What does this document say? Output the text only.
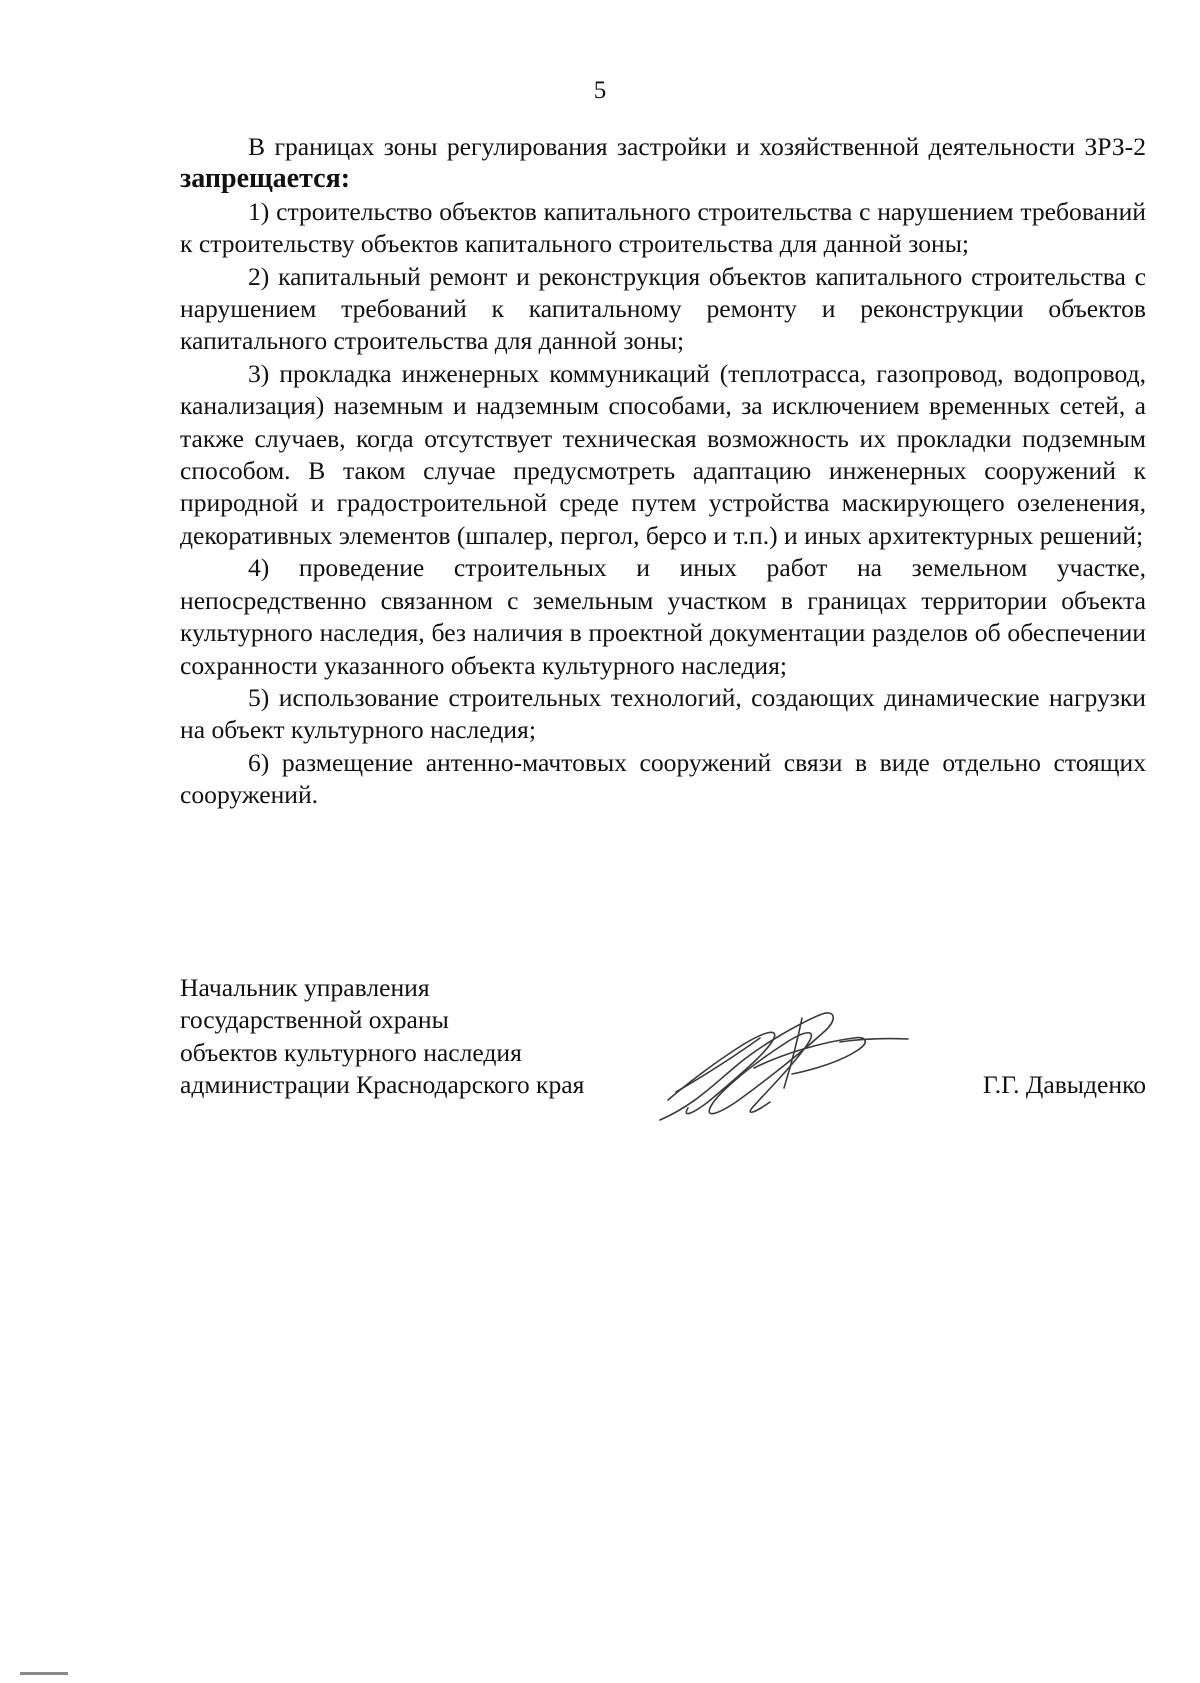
5

В границах зоны регулирования застройки и хозяйственной деятельности ЗРЗ-2 запрещается:

1) строительство объектов капитального строительства с нарушением требований к строительству объектов капитального строительства для данной зоны;

2) капитальный ремонт и реконструкция объектов капитального строительства с нарушением требований к капитальному ремонту и реконструкции объектов капитального строительства для данной зоны;

3) прокладка инженерных коммуникаций (теплотрасса, газопровод, водопровод, канализация) наземным и надземным способами, за исключением временных сетей, а также случаев, когда отсутствует техническая возможность их прокладки подземным способом. В таком случае предусмотреть адаптацию инженерных сооружений к природной и градостроительной среде путем устройства маскирующего озеленения, декоративных элементов (шпалер, пергол, берсо и т.п.) и иных архитектурных решений;

4) проведение строительных и иных работ на земельном участке, непосредственно связанном с земельным участком в границах территории объекта культурного наследия, без наличия в проектной документации разделов об обеспечении сохранности указанного объекта культурного наследия;

5) использование строительных технологий, создающих динамические нагрузки на объект культурного наследия;

6) размещение антенно-мачтовых сооружений связи в виде отдельно стоящих сооружений.

Начальник управления
государственной охраны
объектов культурного наследия
администрации Краснодарского края	Г.Г. Давыденко
